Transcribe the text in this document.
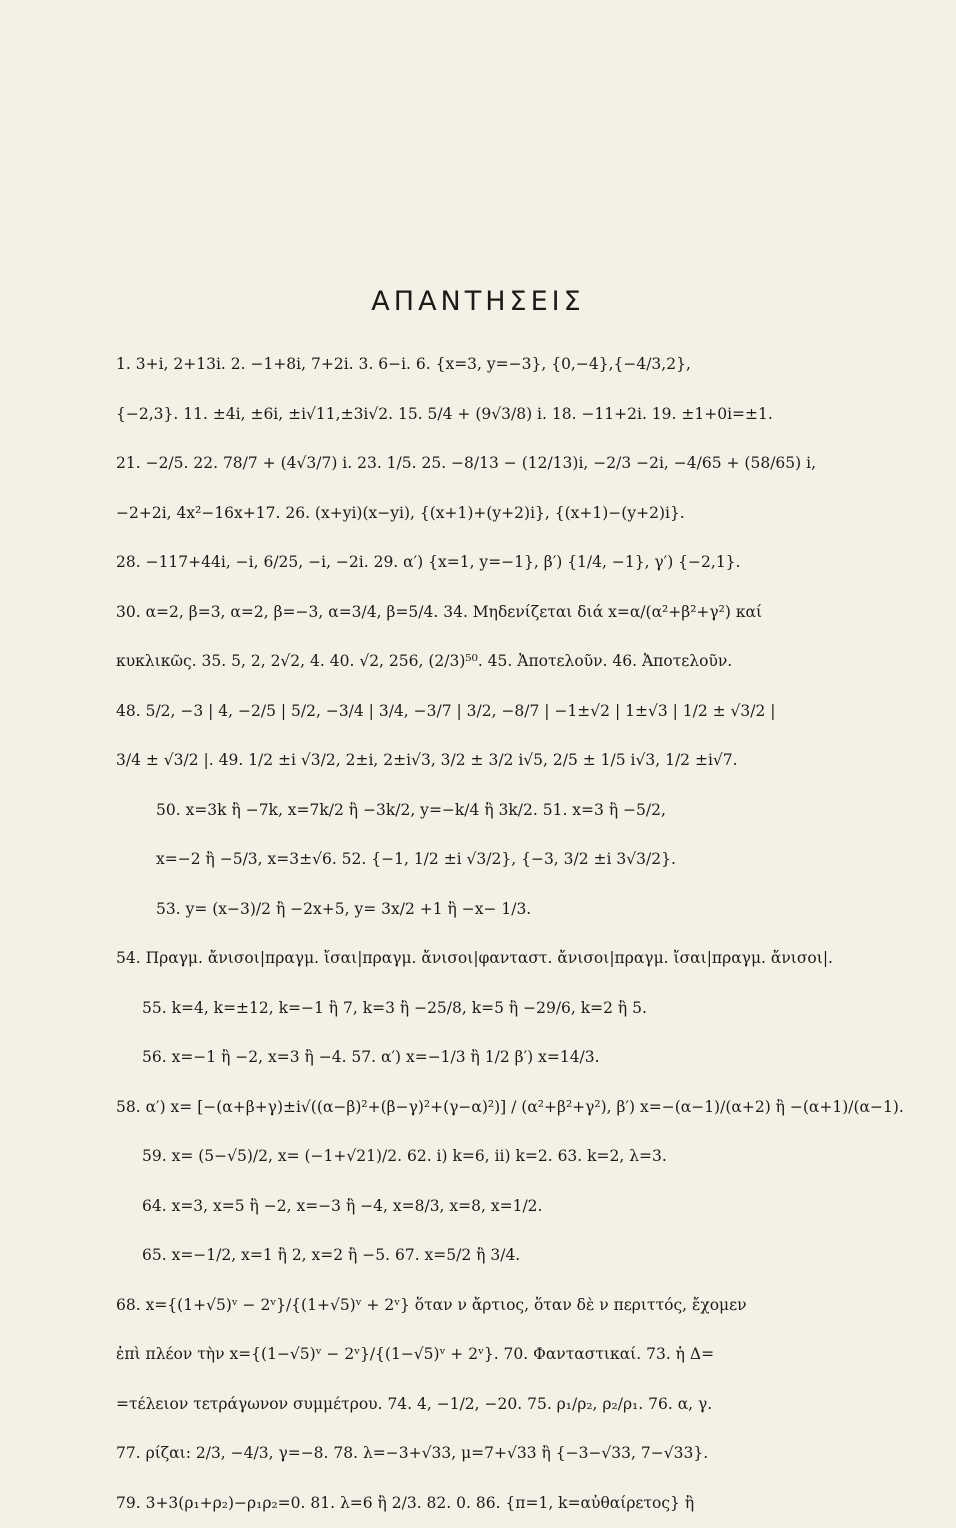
ΑΠΑΝΤΗΣΕΙΣ
1. 3+i, 2+13i. 2. −1+8i, 7+2i. 3. 6−i. 6. {x=3, y=−3}, {0,−4},{−4/3,2},
{−2,3}. 11. ±4i, ±6i, ±i√11,±3i√2. 15. 5/4 + (9√3/8) i. 18. −11+2i. 19. ±1+0i=±1.
21. −2/5. 22. 78/7 + (4√3/7) i. 23. 1/5. 25. −8/13 − (12/13)i, −2/3 −2i, −4/65 + (58/65) i,
−2+2i, 4x²−16x+17. 26. (x+yi)(x−yi), {(x+1)+(y+2)i}, {(x+1)−(y+2)i}.
28. −117+44i, −i, 6/25, −i, −2i. 29. α′) {x=1, y=−1}, β′) {1/4, −1}, γ′) {−2,1}.
30. α=2, β=3, α=2, β=−3, α=3/4, β=5/4. 34. Μηδενίζεται διά x=α/(α²+β²+γ²) καί
κυκλικῶς. 35. 5, 2, 2√2, 4. 40. √2, 256, (2/3)⁵⁰. 45. Ἀποτελοῦν. 46. Ἀποτελοῦν.
48. 5/2, −3 | 4, −2/5 | 5/2, −3/4 | 3/4, −3/7 | 3/2, −8/7 | −1±√2 | 1±√3 | 1/2 ± √3/2 |
3/4 ± √3/2 |. 49. 1/2 ±i √3/2, 2±i, 2±i√3, 3/2 ± 3/2 i√5, 2/5 ± 1/5 i√3, 1/2 ±i√7.
50. x=3k ἢ −7k, x=7k/2 ἢ −3k/2, y=−k/4 ἢ 3k/2. 51. x=3 ἢ −5/2,
x=−2 ἢ −5/3, x=3±√6. 52. {−1, 1/2 ±i √3/2}, {−3, 3/2 ±i 3√3/2}.
53. y= (x−3)/2 ἢ −2x+5, y= 3x/2 +1 ἢ −x− 1/3.
54. Πραγμ. ἄνισοι|πραγμ. ἴσαι|πραγμ. ἄνισοι|φανταστ. ἄνισοι|πραγμ. ἴσαι|πραγμ. ἄνισοι|.
55. k=4, k=±12, k=−1 ἢ 7, k=3 ἢ −25/8, k=5 ἢ −29/6, k=2 ἢ 5.
56. x=−1 ἢ −2, x=3 ἢ −4. 57. α′) x=−1/3 ἢ 1/2 β′) x=14/3.
58. α′) x= [−(α+β+γ)±i√((α−β)²+(β−γ)²+(γ−α)²)] / (α²+β²+γ²), β′) x=−(α−1)/(α+2) ἢ −(α+1)/(α−1).
59. x= (5−√5)/2, x= (−1+√21)/2. 62. i) k=6, ii) k=2. 63. k=2, λ=3.
64. x=3, x=5 ἢ −2, x=−3 ἢ −4, x=8/3, x=8, x=1/2.
65. x=−1/2, x=1 ἢ 2, x=2 ἢ −5. 67. x=5/2 ἢ 3/4.
68. x={(1+√5)ᵛ − 2ᵛ}/{(1+√5)ᵛ + 2ᵛ} ὅταν ν ἄρτιος, ὅταν δὲ ν περιττός, ἔχομεν
ἐπὶ πλέον τὴν x={(1−√5)ᵛ − 2ᵛ}/{(1−√5)ᵛ + 2ᵛ}. 70. Φανταστικαί. 73. ἡ Δ=
=τέλειον τετράγωνον συμμέτρου. 74. 4, −1/2, −20. 75. ρ₁/ρ₂, ρ₂/ρ₁. 76. α, γ.
77. ρίζαι: 2/3, −4/3, γ=−8. 78. λ=−3+√33, μ=7+√33 ἢ {−3−√33, 7−√33}.
79. 3+3(ρ₁+ρ₂)−ρ₁ρ₂=0. 81. λ=6 ἢ 2/3. 82. 0. 86. {π=1, k=αὐθαίρετος} ἢ
